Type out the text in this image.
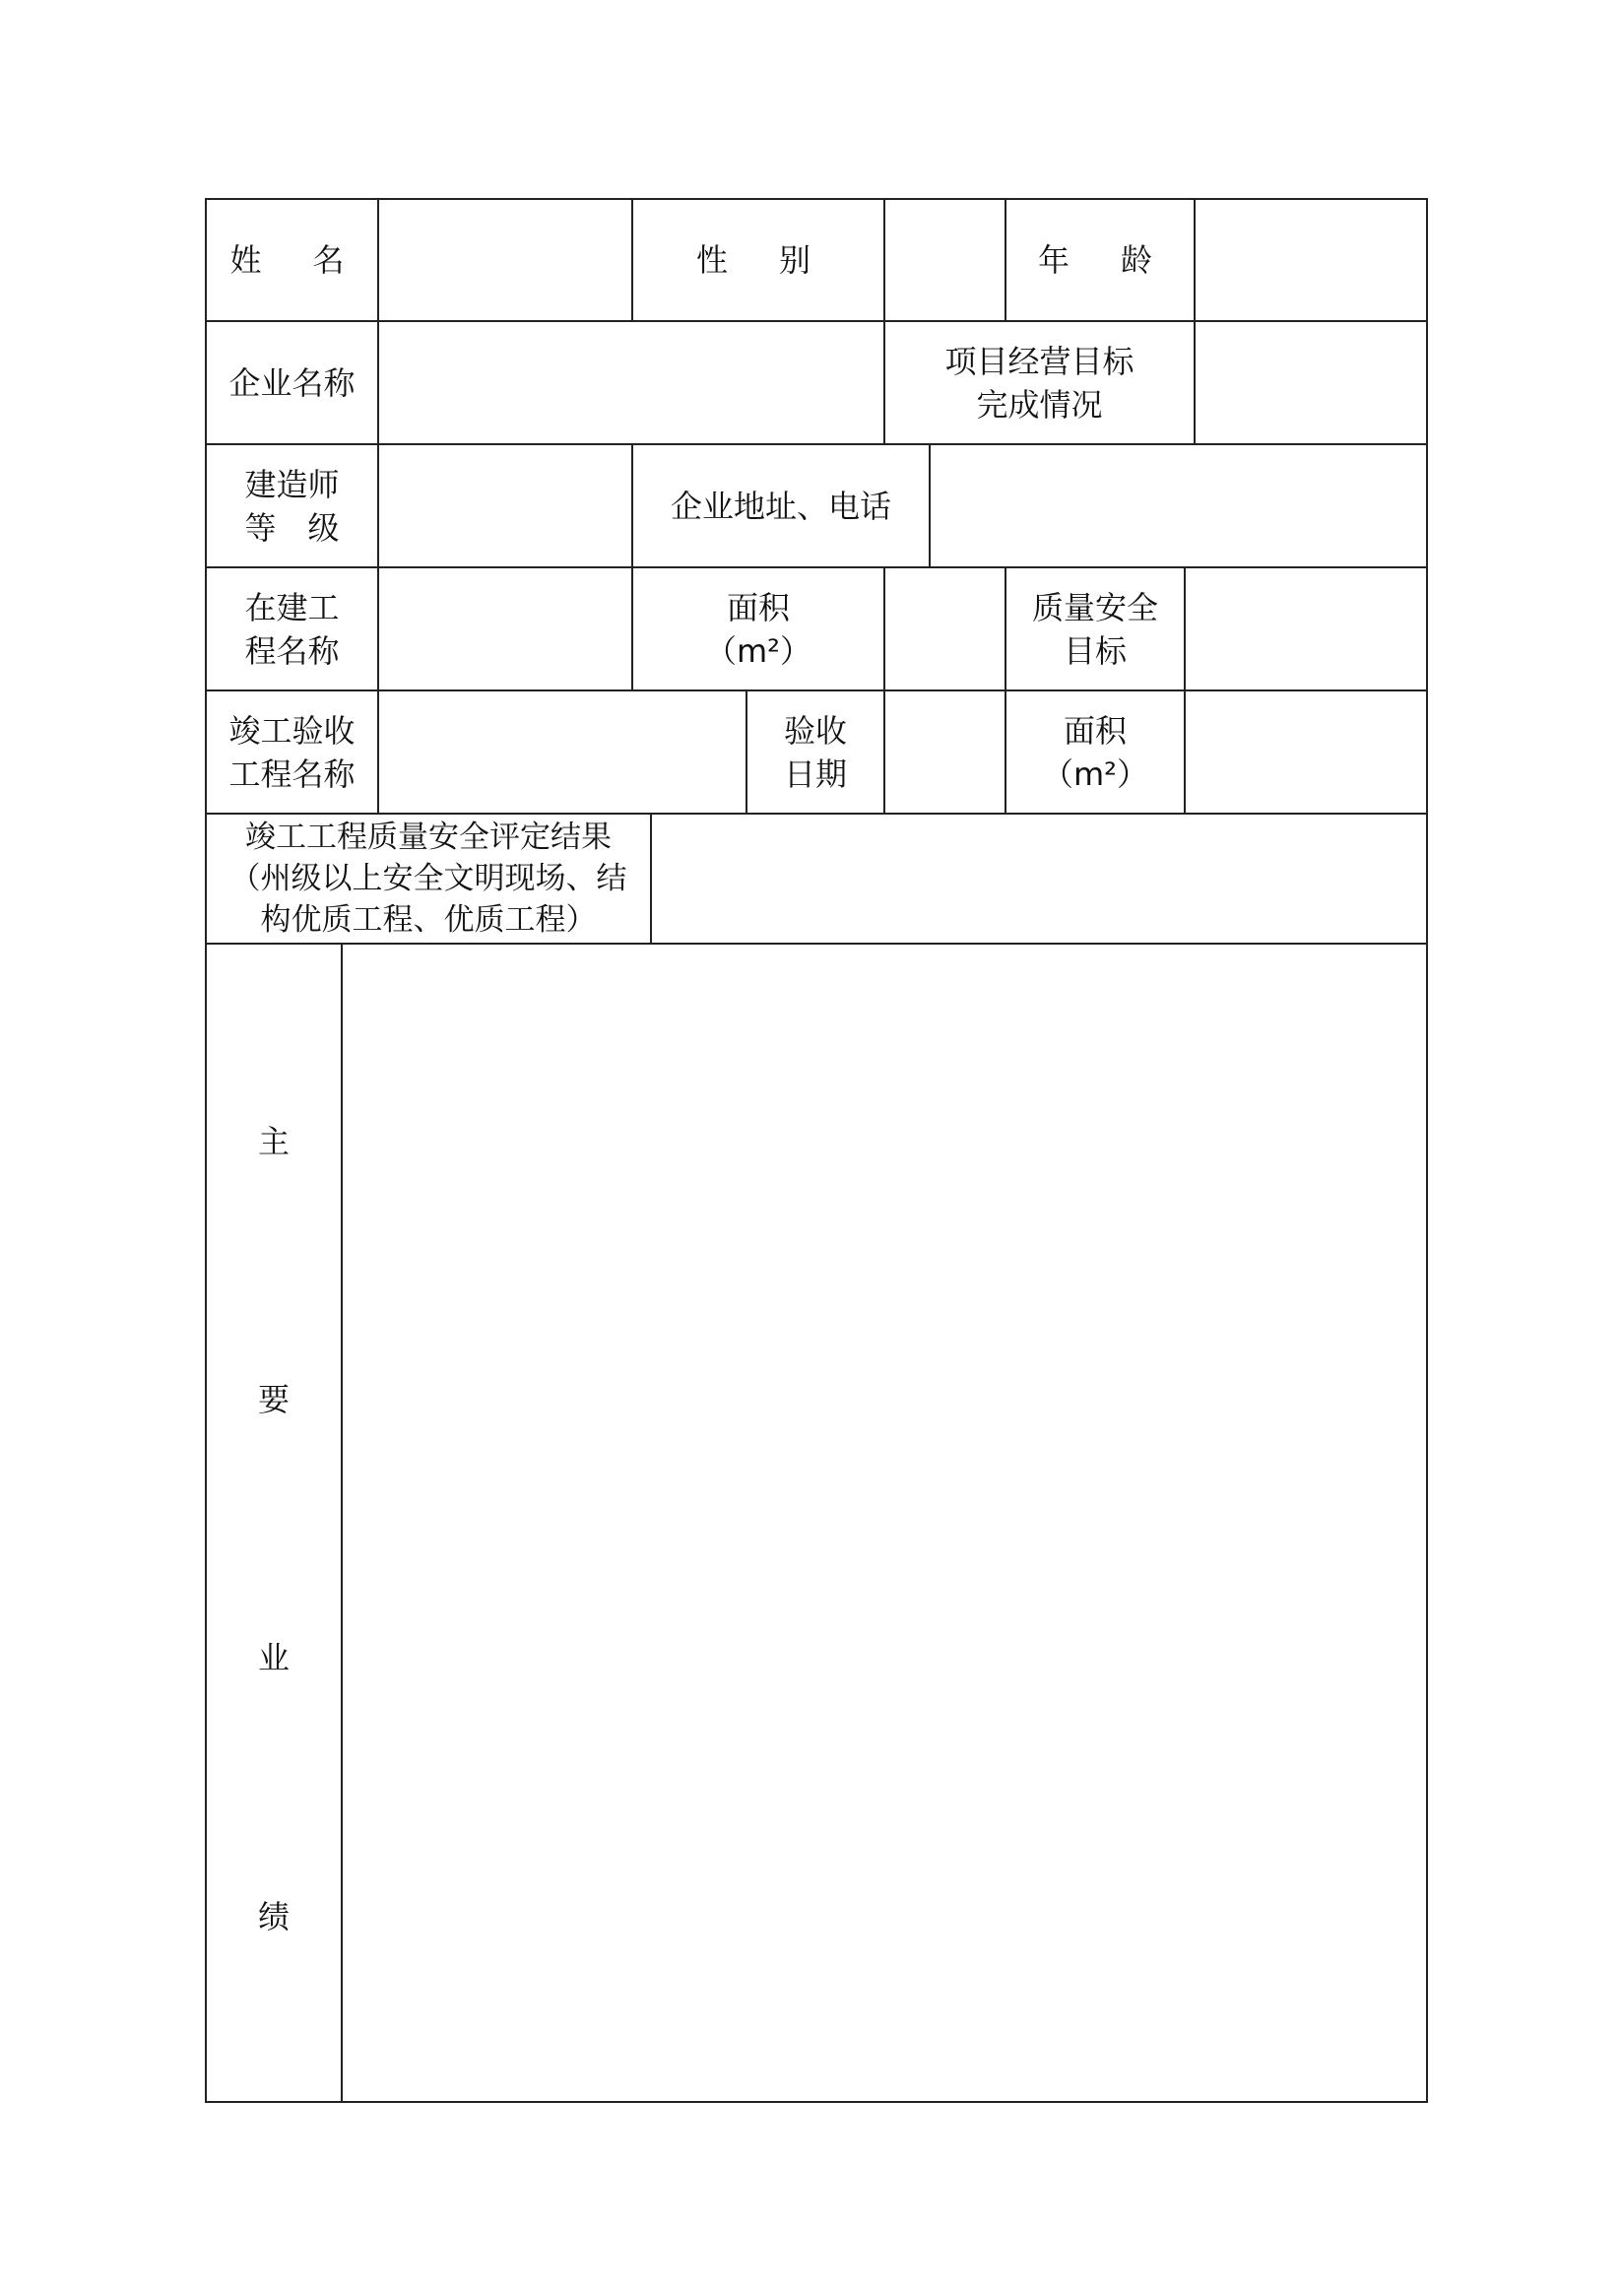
姓　名	性　别	年　龄
企业名称
项目经营目标
完成情况
建造师
等　级
企业地址、电话
在建工
程名称
面积
（m²）
质量安全
目标
竣工验收
工程名称
验收
日期
面积
（m²）
竣工工程质量安全评定结果
（州级以上安全文明现场、结
构优质工程、优质工程）
主
要
业
绩
